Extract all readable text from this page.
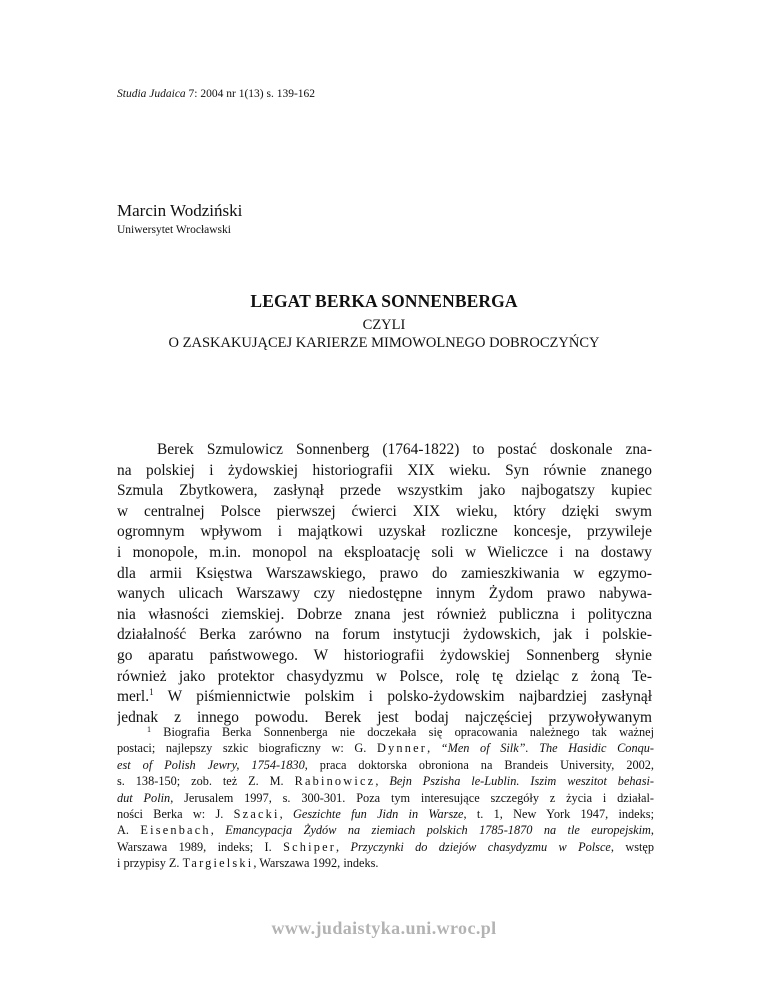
Studia Judaica 7: 2004 nr 1(13) s. 139-162
Marcin Wodziński
Uniwersytet Wrocławski
LEGAT BERKA SONNENBERGA
CZYLI
O ZASKAKUJĄCEJ KARIERZE MIMOWOLNEGO DOBROCZYŃCY
Berek Szmulowicz Sonnenberg (1764-1822) to postać doskonale zna-
na polskiej i żydowskiej historiografii XIX wieku. Syn równie znanego
Szmula Zbytkowera, zasłynął przede wszystkim jako najbogatszy kupiec
w centralnej Polsce pierwszej ćwierci XIX wieku, który dzięki swym
ogromnym wpływom i majątkowi uzyskał rozliczne koncesje, przywileje
i monopole, m.in. monopol na eksploatację soli w Wieliczce i na dostawy
dla armii Księstwa Warszawskiego, prawo do zamieszkiwania w egzymo-
wanych ulicach Warszawy czy niedostępne innym Żydom prawo nabywa-
nia własności ziemskiej. Dobrze znana jest również publiczna i polityczna
działalność Berka zarówno na forum instytucji żydowskich, jak i polskie-
go aparatu państwowego. W historiografii żydowskiej Sonnenberg słynie
również jako protektor chasydyzmu w Polsce, rolę tę dzieląc z żoną Te-
merl.$^1$ W piśmiennictwie polskim i polsko-żydowskim najbardziej zasłynął
jednak z innego powodu. Berek jest bodaj najczęściej przywoływanym
$^1$ Biografia Berka Sonnenberga nie doczekała się opracowania należnego tak ważnej
postaci; najlepszy szkic biograficzny w: G. Dynner, “Men of Silk”. The Hasidic Conqu-
est of Polish Jewry, 1754-1830, praca doktorska obroniona na Brandeis University, 2002,
s. 138-150; zob. też Z. M. Rabinowicz, Bejn Pszisha le-Lublin. Iszim weszitot behasi-
dut Polin, Jerusalem 1997, s. 300-301. Poza tym interesujące szczegóły z życia i działal-
ności Berka w: J. Szacki, Geszichte fun Jidn in Warsze, t. 1, New York 1947, indeks;
A. Eisenbach, Emancypacja Żydów na ziemiach polskich 1785-1870 na tle europejskim,
Warszawa 1989, indeks; I. Schiper, Przyczynki do dziejów chasydyzmu w Polsce, wstęp
i przypisy Z. Targielski, Warszawa 1992, indeks.
www.judaistyka.uni.wroc.pl
